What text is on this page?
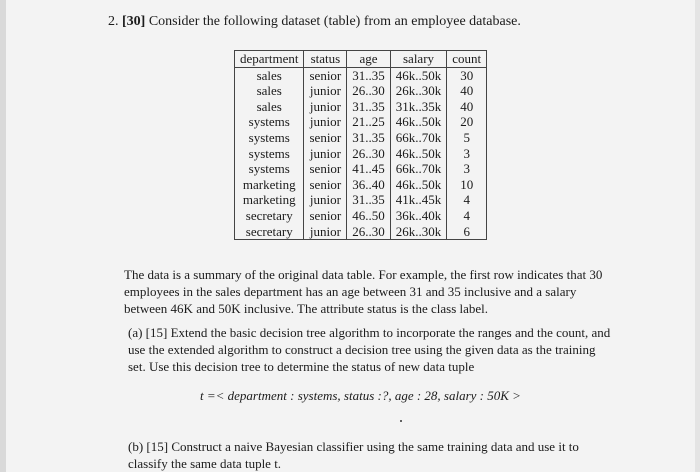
2. [30] Consider the following dataset (table) from an employee database.
department	status	age	salary	count
sales	senior	31..35	46k..50k	30
sales	junior	26..30	26k..30k	40
sales	junior	31..35	31k..35k	40
systems	junior	21..25	46k..50k	20
systems	senior	31..35	66k..70k	5
systems	junior	26..30	46k..50k	3
systems	senior	41..45	66k..70k	3
marketing	senior	36..40	46k..50k	10
marketing	junior	31..35	41k..45k	4
secretary	senior	46..50	36k..40k	4
secretary	junior	26..30	26k..30k	6
The data is a summary of the original data table. For example, the first row indicates that 30 employees in the sales department has an age between 31 and 35 inclusive and a salary between 46K and 50K inclusive. The attribute status is the class label.
(a) [15] Extend the basic decision tree algorithm to incorporate the ranges and the count, and use the extended algorithm to construct a decision tree using the given data as the training set. Use this decision tree to determine the status of new data tuple
t =< department : systems, status :?, age : 28, salary : 50K >
(b) [15] Construct a naive Bayesian classifier using the same training data and use it to classify the same data tuple t.
